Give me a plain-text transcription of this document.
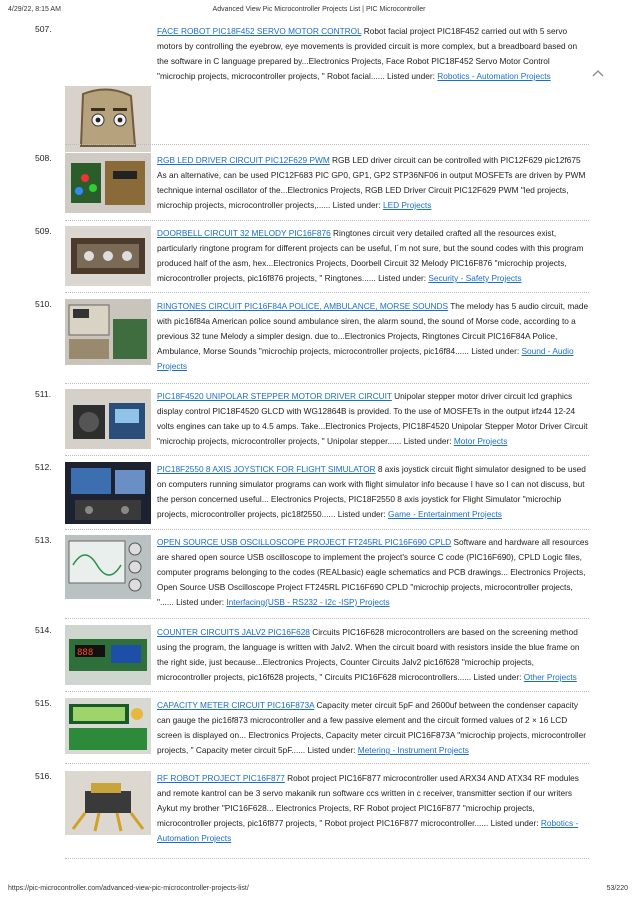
4/29/22, 8:15 AM	Advanced View Pic Microcontroller Projects List | PIC Microcontroller
507.	FACE ROBOT PIC18F452 SERVO MOTOR CONTROL Robot facial project PIC18F452 carried out with 5 servo motors by controlling the eyebrow, eye movements is provided circuit is more complex, but a breadboard based on the software in C language prepared by...Electronics Projects, Face Robot PIC18F452 Servo Motor Control "microchip projects, microcontroller projects, " Robot facial...... Listed under: Robotics - Automation Projects
508.	RGB LED DRIVER CIRCUIT PIC12F629 PWM RGB LED driver circuit can be controlled with PIC12F629 pic12f675 As an alternative, can be used PIC12F683 PIC GP0, GP1, GP2 STP36NF06 in output MOSFETs are driven by PWM technique internal oscillator of the...Electronics Projects, RGB LED Driver Circuit PIC12F629 PWM "led projects, microchip projects, microcontroller projects,...... Listed under: LED Projects
509.	DOORBELL CIRCUIT 32 MELODY PIC16F876 Ringtones circuit very detailed crafted all the resources exist, particularly ringtone program for different projects can be useful, I´m not sure, but the sound codes with this program produced half of the asm, hex...Electronics Projects, Doorbell Circuit 32 Melody PIC16F876 "microchip projects, microcontroller projects, pic16f876 projects, " Ringtones...... Listed under: Security - Safety Projects
510.	RINGTONES CIRCUIT PIC16F84A POLICE, AMBULANCE, MORSE SOUNDS The melody has 5 audio circuit, made with pic16f84a American police sound ambulance siren, the alarm sound, the sound of Morse code, according to a previous 32 tune Melody a simpler design. due to...Electronics Projects, Ringtones Circuit PIC16F84A Police, Ambulance, Morse Sounds "microchip projects, microcontroller projects, pic16f84...... Listed under: Sound - Audio Projects
511.	PIC18F4520 UNIPOLAR STEPPER MOTOR DRIVER CIRCUIT Unipolar stepper motor driver circuit lcd graphics display control PIC18F4520 GLCD with WG12864B is provided. To the use of MOSFETs in the output irfz44 12-24 volts engines can take up to 4.5 amps. Take...Electronics Projects, PIC18F4520 Unipolar Stepper Motor Driver Circuit "microchip projects, microcontroller projects, " Unipolar stepper...... Listed under: Motor Projects
512.	PIC18F2550 8 AXIS JOYSTICK FOR FLIGHT SIMULATOR 8 axis joystick circuit flight simulator designed to be used on computers running simulator programs can work with flight simulator info because I have so I can not discuss, but the person concerned useful... Electronics Projects, PIC18F2550 8 axis joystick for Flight Simulator "microchip projects, microcontroller projects, pic18f2550...... Listed under: Game - Entertainment Projects
513.	OPEN SOURCE USB OSCILLOSCOPE PROJECT FT245RL PIC16F690 CPLD Software and hardware all resources are shared open source USB oscilloscope to implement the project's source C code (PIC16F690), CPLD Logic files, computer programs belonging to the codes (REALbasic) eagle schematics and PCB drawings... Electronics Projects, Open Source USB Oscilloscope Project FT245RL PIC16F690 CPLD "microchip projects, microcontroller projects, "...... Listed under: Interfacing(USB - RS232 - I2c -ISP) Projects
514.	COUNTER CIRCUITS JALV2 PIC16F628 Circuits PIC16F628 microcontrollers are based on the screening method using the program, the language is written with Jalv2. When the circuit board with resistors inside the blue frame on the right side, just because...Electronics Projects, Counter Circuits Jalv2 pic16f628 "microchip projects, microcontroller projects, pic16f628 projects, " Circuits PIC16F628 microcontrollers...... Listed under: Other Projects
888
515.	CAPACITY METER CIRCUIT PIC16F873A Capacity meter circuit 5pF and 2600uf between the condenser capacity can gauge the pic16f873 microcontroller and a few passive element and the circuit formed values of 2 × 16 LCD screen is displayed on... Electronics Projects, Capacity meter circuit PIC16F873A "microchip projects, microcontroller projects, " Capacity meter circuit 5pF...... Listed under: Metering - Instrument Projects
516.	RF ROBOT PROJECT PIC16F877 Robot project PIC16F877 microcontroller used ARX34 AND ATX34 RF modules and remote kantrol can be 3 servo makanik run software ccs written in c receiver, transmitter section if our writers Aykut my brother "PIC16F628... Electronics Projects, RF Robot project PIC16F877 "microchip projects, microcontroller projects, pic16f877 projects, " Robot project PIC16F877 microcontroller...... Listed under: Robotics - Automation Projects
https://pic-microcontroller.com/advanced-view-pic-microcontroller-projects-list/	53/220
